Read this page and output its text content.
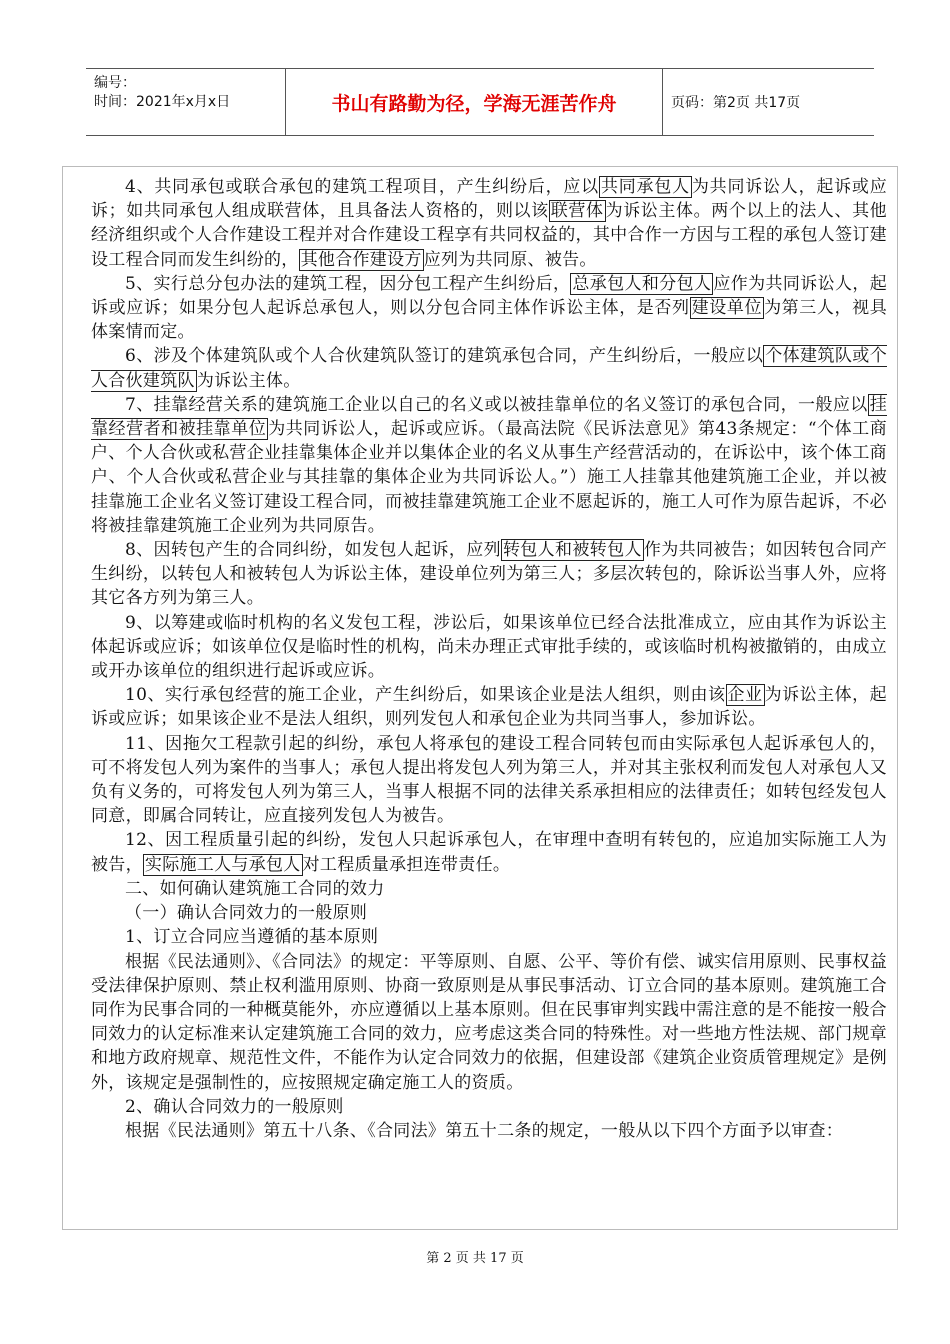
编号：
时间：2021年x月x日	书山有路勤为径，学海无涯苦作舟	页码：第2页 共17页

4、共同承包或联合承包的建筑工程项目，产生纠纷后，应以 共同承包人 为共同诉讼人，起诉或应诉；如共同承包人组成联营体，且具备法人资格的，则以该 联营体 为诉讼主体。两个以上的法人、其他经济组织或个人合作建设工程并对合作建设工程享有共同权益的，其中合作一方因与工程的承包人签订建设工程合同而发生纠纷的， 其他合作建设方 应列为共同原、被告。

5、实行总分包办法的建筑工程，因分包工程产生纠纷后， 总承包人和分包人 应作为共同诉讼人，起诉或应诉；如果分包人起诉总承包人，则以分包合同主体作诉讼主体，是否列 建设单位 为第三人，视具体案情而定。

6、涉及个体建筑队或个人合伙建筑队签订的建筑承包合同，产生纠纷后，一般应以 个体建筑队或个人合伙建筑队 为诉讼主体。

7、挂靠经营关系的建筑施工企业以自己的名义或以被挂靠单位的名义签订的承包合同，一般应以 挂靠经营者和被挂靠单位 为共同诉讼人，起诉或应诉。（最高法院《民诉法意见》第43条规定：“个体工商户、个人合伙或私营企业挂靠集体企业并以集体企业的名义从事生产经营活动的，在诉讼中，该个体工商户、个人合伙或私营企业与其挂靠的集体企业为共同诉讼人。”）施工人挂靠其他建筑施工企业，并以被挂靠施工企业名义签订建设工程合同，而被挂靠建筑施工企业不愿起诉的，施工人可作为原告起诉，不必将被挂靠建筑施工企业列为共同原告。

8、因转包产生的合同纠纷，如发包人起诉，应列 转包人和被转包人 作为共同被告；如因转包合同产生纠纷，以转包人和被转包人为诉讼主体，建设单位列为第三人；多层次转包的，除诉讼当事人外，应将其它各方列为第三人。

9、以筹建或临时机构的名义发包工程，涉讼后，如果该单位已经合法批准成立，应由其作为诉讼主体起诉或应诉；如该单位仅是临时性的机构，尚未办理正式审批手续的，或该临时机构被撤销的，由成立或开办该单位的组织进行起诉或应诉。

10、实行承包经营的施工企业，产生纠纷后，如果该企业是法人组织，则由该 企业 为诉讼主体，起诉或应诉；如果该企业不是法人组织，则列发包人和承包企业为共同当事人，参加诉讼。

11、因拖欠工程款引起的纠纷，承包人将承包的建设工程合同转包而由实际承包人起诉承包人的，可不将发包人列为案件的当事人；承包人提出将发包人列为第三人，并对其主张权利而发包人对承包人又负有义务的，可将发包人列为第三人，当事人根据不同的法律关系承担相应的法律责任；如转包经发包人同意，即属合同转让，应直接列发包人为被告。

12、因工程质量引起的纠纷，发包人只起诉承包人，在审理中查明有转包的，应追加实际施工人为被告， 实际施工人与承包人 对工程质量承担连带责任。

二、如何确认建筑施工合同的效力

（一）确认合同效力的一般原则

1、订立合同应当遵循的基本原则

根据《民法通则》、《合同法》的规定：平等原则、自愿、公平、等价有偿、诚实信用原则、民事权益受法律保护原则、禁止权利滥用原则、协商一致原则是从事民事活动、订立合同的基本原则。建筑施工合同作为民事合同的一种概莫能外，亦应遵循以上基本原则。但在民事审判实践中需注意的是不能按一般合同效力的认定标准来认定建筑施工合同的效力，应考虑这类合同的特殊性。对一些地方性法规、部门规章和地方政府规章、规范性文件，不能作为认定合同效力的依据，但建设部《建筑企业资质管理规定》是例外，该规定是强制性的，应按照规定确定施工人的资质。

2、确认合同效力的一般原则

根据《民法通则》第五十八条、《合同法》第五十二条的规定，一般从以下四个方面予以审查：

第 2 页 共 17 页
